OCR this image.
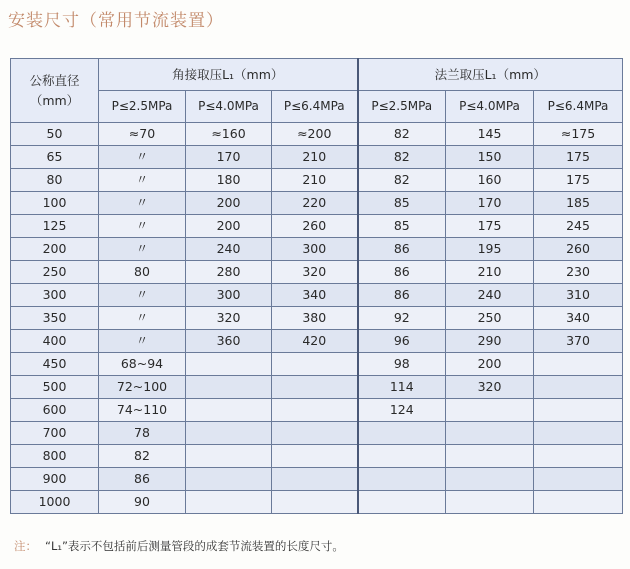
安装尺寸（常用节流装置）
公称直径
（mm）	角接取压L₁（mm）			法兰取压L₁（mm）		
	P≤2.5MPa	P≤4.0MPa	P≤6.4MPa	P≤2.5MPa	P≤4.0MPa	P≤6.4MPa
50	≈70	≈160	≈200	82	145	≈175
65	〃	170	210	82	150	175
80	〃	180	210	82	160	175
100	〃	200	220	85	170	185
125	〃	200	260	85	175	245
200	〃	240	300	86	195	260
250	80	280	320	86	210	230
300	〃	300	340	86	240	310
350	〃	320	380	92	250	340
400	〃	360	420	96	290	370
450	68~94			98	200	
500	72~100			114	320	
600	74~110			124		
700	78					
800	82					
900	86					
1000	90					
注： “L₁”表示不包括前后测量管段的成套节流装置的长度尺寸。
